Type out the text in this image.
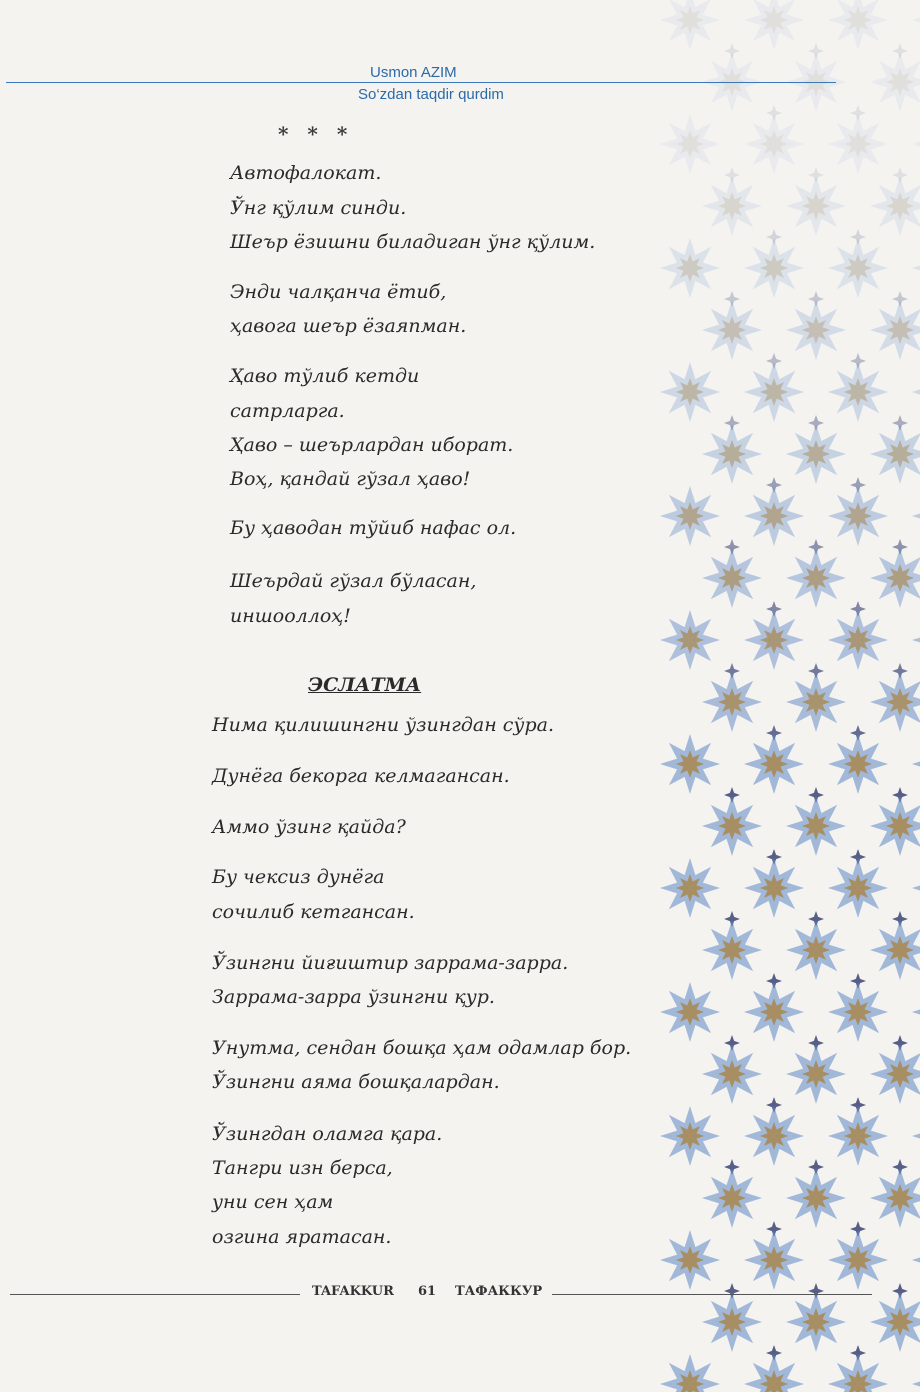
Usmon AZIM
So‘zdan taqdir qurdim
* * *
Автофалокат.
Ўнг қўлим синди.
Шеър ёзишни биладиган ўнг қўлим.
Энди чалқанча ётиб,
ҳавога шеър ёзаяпман.
Ҳаво тўлиб кетди
сатрларга.
Ҳаво – шеърлардан иборат.
Воҳ, қандай гўзал ҳаво!
Бу ҳаводан тўйиб нафас ол.
Шеърдай гўзал бўласан,
иншооллоҳ!
ЭСЛАТМА
Нима қилишингни ўзингдан сўра.
Дунёга бекорга келмагансан.
Аммо ўзинг қайда?
Бу чексиз дунёга
сочилиб кетгансан.
Ўзингни йиғиштир заррама-зарра.
Заррама-зарра ўзингни қур.
Унутма, сендан бошқа ҳам одамлар бор.
Ўзингни аяма бошқалардан.
Ўзингдан оламга қара.
Тангри изн берса,
уни сен ҳам
озгина яратасан.
TAFAKKUR 61 ТАФАККУР
